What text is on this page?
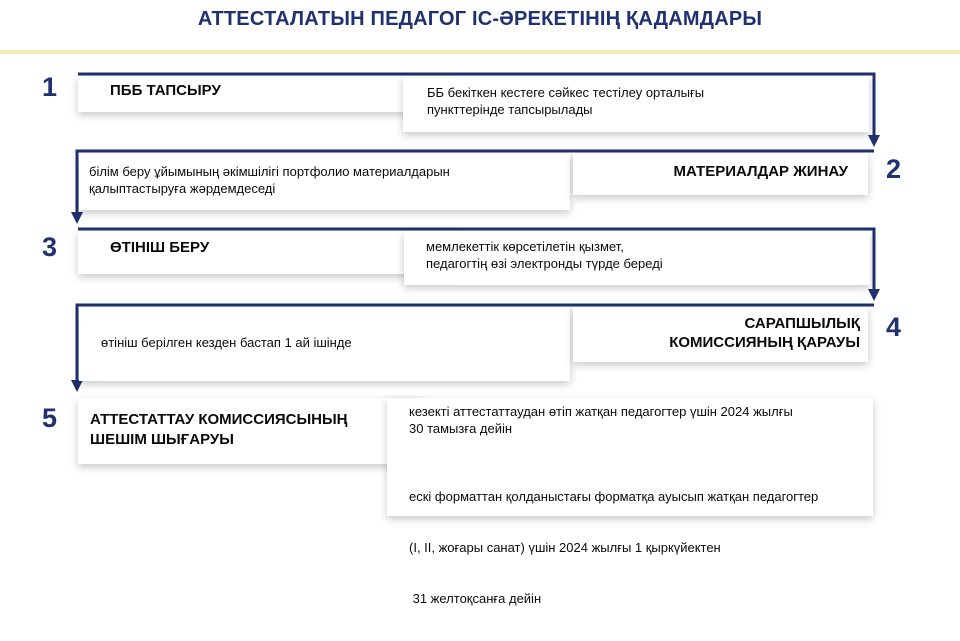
АТТЕСТАЛАТЫН ПЕДАГОГ ІС-ӘРЕКЕТІНІҢ ҚАДАМДАРЫ
1	ПББ ТАПСЫРУ	ББ бекіткен кестеге сәйкес тестілеу орталығы
пункттерінде тапсырылады
2
білім беру ұйымының әкімшілігі портфолио материалдарын
қалыптастыруға жәрдемдеседі
МАТЕРИАЛДАР ЖИНАУ
3	ӨТІНІШ БЕРУ	мемлекеттік көрсетілетін қызмет,
педагогтің өзі электронды түрде береді
4
өтініш берілген кезден бастап 1 ай ішінде
САРАПШЫЛЫҚ
КОМИССИЯНЫҢ ҚАРАУЫ
5 АТТЕСТАТТАУ КОМИССИЯСЫНЫҢ
ШЕШІМ ШЫҒАРУЫ
кезекті аттестаттаудан өтіп жатқан педагогтер үшін 2024 жылғы
30 тамызға дейін

ескі форматтан қолданыстағы форматқа ауысып жатқан педагогтер

(I, II, жоғары санат) үшін 2024 жылғы 1 қыркүйектен

31 желтоқсанға дейін
